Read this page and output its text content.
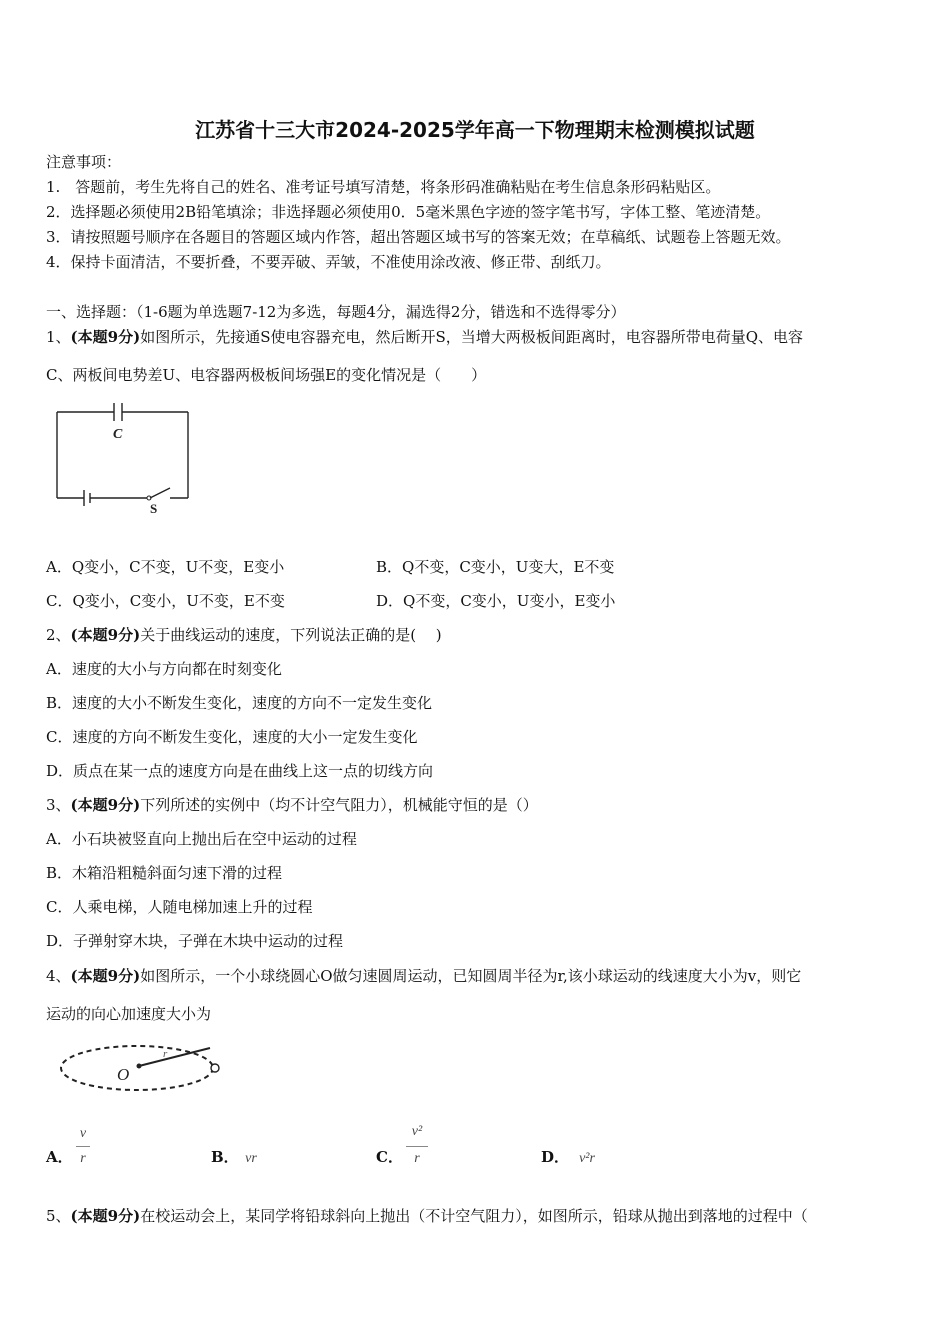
江苏省十三大市2024-2025学年高一下物理期末检测模拟试题
注意事项：
1.　答题前，考生先将自己的姓名、准考证号填写清楚，将条形码准确粘贴在考生信息条形码粘贴区。
2．选择题必须使用2B铅笔填涂；非选择题必须使用0．5毫米黑色字迹的签字笔书写，字体工整、笔迹清楚。
3．请按照题号顺序在各题目的答题区域内作答，超出答题区域书写的答案无效；在草稿纸、试题卷上答题无效。
4．保持卡面清洁，不要折叠，不要弄破、弄皱，不准使用涂改液、修正带、刮纸刀。
一、选择题：（1-6题为单选题7-12为多选，每题4分，漏选得2分，错选和不选得零分）
1、(本题9分)如图所示，先接通S使电容器充电，然后断开S，当增大两极板间距离时，电容器所带电荷量Q、电容
C、两板间电势差U、电容器两极板间场强E的变化情况是（　　）
C
S
A．Q变小，C不变，U不变，E变小	B．Q不变，C变小，U变大，E不变
C．Q变小，C变小，U不变，E不变	D．Q不变，C变小，U变小，E变小
2、(本题9分)关于曲线运动的速度，下列说法正确的是(　 )
A．速度的大小与方向都在时刻变化
B．速度的大小不断发生变化，速度的方向不一定发生变化
C．速度的方向不断发生变化，速度的大小一定发生变化
D．质点在某一点的速度方向是在曲线上这一点的切线方向
3、(本题9分)下列所述的实例中（均不计空气阻力），机械能守恒的是（）
A．小石块被竖直向上抛出后在空中运动的过程
B．木箱沿粗糙斜面匀速下滑的过程
C．人乘电梯，人随电梯加速上升的过程
D．子弹射穿木块，子弹在木块中运动的过程
4、(本题9分)如图所示，一个小球绕圆心O做匀速圆周运动，已知圆周半径为r,该小球运动的线速度大小为v，则它
运动的向心加速度大小为
O
r
A．
v
r	B． vr	C．
v²
r	D． v²r
5、(本题9分)在校运动会上，某同学将铅球斜向上抛出（不计空气阻力），如图所示，铅球从抛出到落地的过程中（
